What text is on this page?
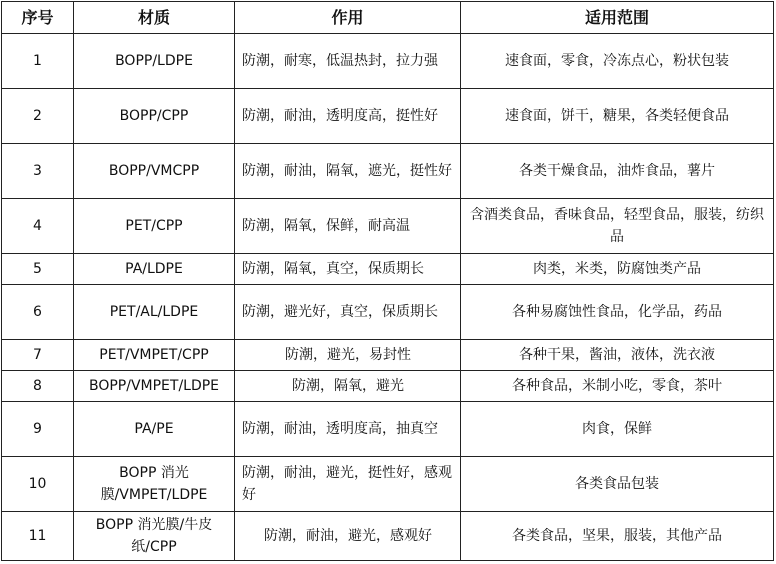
序号	材质	作用	适用范围
1	BOPP/LDPE	防潮，耐寒，低温热封，拉力强	速食面，零食，冷冻点心，粉状包装
2	BOPP/CPP	防潮，耐油，透明度高，挺性好	速食面，饼干，糖果，各类轻便食品
3	BOPP/VMCPP	防潮，耐油，隔氧，遮光，挺性好	各类干燥食品，油炸食品，薯片
4	PET/CPP	防潮，隔氧，保鲜，耐高温	含酒类食品，香味食品，轻型食品，服装，纺织品
5	PA/LDPE	防潮，隔氧，真空，保质期长	肉类，米类，防腐蚀类产品
6	PET/AL/LDPE	防潮，避光好，真空，保质期长	各种易腐蚀性食品，化学品，药品
7	PET/VMPET/CPP	防潮，避光，易封性	各种干果，酱油，液体，洗衣液
8	BOPP/VMPET/LDPE	防潮，隔氧，避光	各种食品，米制小吃，零食，茶叶
9	PA/PE	防潮，耐油，透明度高，抽真空	肉食，保鲜
10	BOPP 消光膜/VMPET/LDPE	防潮，耐油，避光，挺性好，感观好	各类食品包装
11	BOPP 消光膜/牛皮纸/CPP	防潮，耐油，避光，感观好	各类食品，坚果，服装，其他产品
